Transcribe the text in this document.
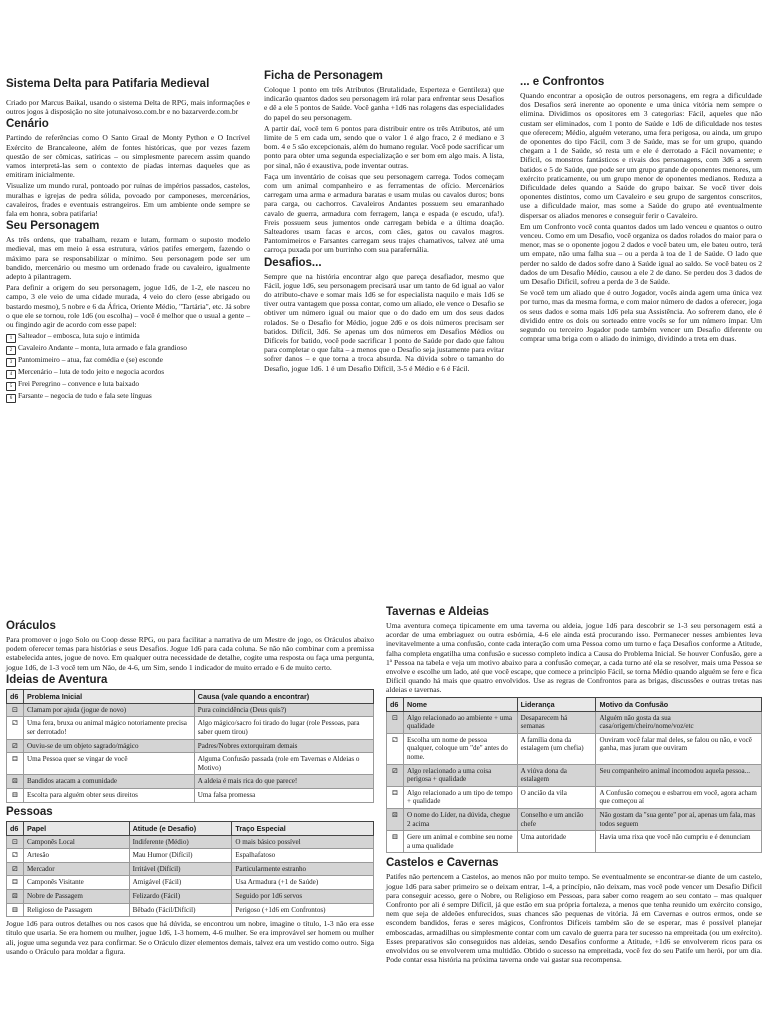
Sistema Delta para Patifaria Medieval

Criado por Marcus Baikal, usando o sistema Delta de RPG, mais informações e outros jogos à disposição no site jotunaivoso.com.br e no bazarverde.com.br

Cenário

Partindo de referências como O Santo Graal de Monty Python e O Incrível Exército de Brancaleone, além de fontes históricas, que por vezes fazem questão de ser cômicas, satíricas – ou simplesmente parecem assim quando vamos interpretá-las sem o contexto de piadas internas daqueles que as emitiram inicialmente.

Visualize um mundo rural, pontoado por ruínas de impérios passados, castelos, muralhas e igrejas de pedra sólida, povoado por camponeses, mercenários, cavaleiros, frades e eventuais estrangeiros. Em um ambiente onde sempre se fala em honra, sobra patifaria!

Seu Personagem

As três ordens, que trabalham, rezam e lutam, formam o suposto modelo medieval, mas em meio à essa estrutura, vários patifes emergem, fazendo o máximo para se responsabilizar o mínimo. Seu personagem pode ser um bandido, mercenário ou mesmo um ordenado frade ou cavaleiro, igualmente adepto à pilantragem.

Para definir a origem do seu personagem, jogue 1d6, de 1-2, ele nasceu no campo, 3 ele veio de uma cidade murada, 4 veio do clero (esse abrigado ou bastardo mesmo), 5 nobre e 6 da África, Oriente Médio, "Tartária", etc. Já sobre o que ele se tornou, role 1d6 (ou escolha) – você é melhor que o usual a gente – ou fingindo agir de acordo com esse papel:

1 Salteador – embosca, luta sujo e intimida
2 Cavaleiro Andante – monta, luta armado e fala grandioso
3 Pantomimeiro – atua, faz comédia e (se) esconde
4 Mercenário – luta de todo jeito e negocia acordos
5 Frei Peregrino – convence e luta baixado
6 Farsante – negocia de tudo e fala sete línguas
Ficha de Personagem

Coloque 1 ponto em três Atributos (Brutalidade, Esperteza e Gentileza) que indicarão quantos dados seu personagem irá rolar para enfrentar seus Desafios e dê a ele 5 pontos de Saúde. Você ganha +1d6 nas rolagens das especialidades do papel do seu personagem.

A partir daí, você tem 6 pontos para distribuir entre os três Atributos, até um limite de 5 em cada um, sendo que o valor 1 é algo fraco, 2 é mediano e 3 bom. 4 e 5 são excepcionais, além do humano regular. Você pode sacrificar um ponto para obter uma segunda especialização e ser bom em algo mais. A lista, por sinal, não é exaustiva, pode inventar outras.

Faça um inventário de coisas que seu personagem carrega. Todos começam com um animal companheiro e as ferramentas de ofício. Mercenários carregam uma arma e armadura baratas e usam mulas ou cavalos duros; bons para carga, ou cachorros. Cavaleiros Andantes possuem seu emaranhado cavalo de guerra, armadura com ferragem, lança e espada (e escudo, ufa!). Freis possuem seus jumentos onde carregam bebida e a última doação. Salteadores usam facas e arcos, com cães, gatos ou cavalos magros. Pantomimeiros e Farsantes carregam seus trajes chamativos, talvez até uma carroça puxada por um burrinho com sua parafernália.

Desafios...

Sempre que na história encontrar algo que pareça desafiador, mesmo que Fácil, jogue 1d6, seu personagem precisará usar um tanto de 6d igual ao valor do atributo-chave e somar mais 1d6 se for especialista naquilo e mais 1d6 se tiver outra vantagem que possa contar, como um aliado, ele vence o Desafio se obtiver um número igual ou maior que o do dado em um dos seus dados rolados. Se o Desafio for Médio, jogue 2d6 e os dois números precisam ser batidos. Difícil, 3d6. Se apenas um dos números em Desafios Médios ou Difíceis for batido, você pode sacrificar 1 ponto de Saúde por dado que faltou para completar o que falta – a menos que o Desafio seja justamente para evitar sofrer danos – e que torna a troca absurda. Na dúvida sobre o tamanho do Desafio, jogue 1d6. 1 é um Desafio Difícil, 3-5 é Médio e 6 é Fácil.

... e Confrontos

Quando encontrar a oposição de outros personagens, em regra a dificuldade dos Desafios será inerente ao oponente e uma única vitória nem sempre o elimina. Dividimos os opositores em 3 categorias: Fácil, aqueles que não custam ser eliminados, com 1 ponto de Saúde e 1d6 de dificuldade nos testes que oferecem; Médio, alguém veterano, uma fera perigosa, ou ainda, um grupo de oponentes do tipo Fácil, com 3 de Saúde, mas se for um grupo, quando chegam a 1 de Saúde, só resta um e ele é derrotado a Fácil novamente; e Difícil, os monstros fantásticos e rivais dos personagens, com 3d6 a serem batidos e 5 de Saúde, que pode ser um grupo grande de oponentes menores, um exército praticamente, ou um grupo menor de oponentes medianos. Reduza a Dificuldade deles quando a Saúde do grupo baixar. Se você tiver dois oponentes distintos, como um Cavaleiro e seu grupo de sargentos conscritos, use a dificuldade maior, mas some a Saúde do grupo até eventualmente dispersar os aliados menores e conseguir ferir o Cavaleiro.

Em um Confronto você conta quantos dados um lado venceu e quantos o outro venceu. Como em um Desafio, você organiza os dados rolados do maior para o menor, mas se o oponente jogou 2 dados e você bateu um, ele bateu outro, terá um empate, não uma falha sua – ou a perda à toa de 1 de Saúde. O lado que perder no saldo de dados sofre dano à Saúde igual ao saldo. Se você bateu os 2 dados de um Desafio Médio, causou a ele 2 de dano. Se perdeu dos 3 dados de um Desafio Difícil, sofreu a perda de 3 de Saúde.

Se você tem um aliado que é outro Jogador, vocês ainda agem uma única vez por turno, mas da mesma forma, e com maior número de dados a oferecer, joga os seus dados e soma mais 1d6 pela sua Assistência. Ao sofrerem dano, ele é dividido entre os dois ou sorteado entre vocês se for um número ímpar. Um segundo ou terceiro Jogador pode também vencer um Desafio diferente ou comprar uma briga com o aliado do inimigo, dividindo a treta em duas.

Oráculos

Para promover o jogo Solo ou Coop desse RPG, ou para facilitar a narrativa de um Mestre de jogo, os Oráculos abaixo podem oferecer temas para histórias e seus Desafios. Jogue 1d6 para cada coluna. Se não não combinar com a premissa estabelecida antes, jogue de novo. Em qualquer outra necessidade de detalhe, cogite uma resposta ou faça uma pergunta, jogue 1d6, de 1-3 você tem um Não, de 4-6, um Sim, sendo 1 indicador de muito errado e 6 de muito certo.

Ideias de Aventura
d6	Problema Inicial	Causa (vale quando a encontrar)
⚀	Clamam por ajuda (jogue de novo)	Pura coincidência (Deus quis?)
⚁	Uma fera, bruxa ou animal mágico notoriamente precisa ser derrotado!	Algo mágico/sacro foi tirado do lugar (role Pessoas, para saber quem tirou)
⚂	Ouviu-se de um objeto sagrado/mágico	Padres/Nobres extorquiram demais
⚃	Uma Pessoa quer se vingar de você	Alguma Confusão passada (role em Tavernas e Aldeias o Motivo)
⚄	Bandidos atacam a comunidade	A aldeia é mais rica do que parece!
⚅	Escolta para alguém obter seus direitos	Uma falsa promessa
Pessoas
d6	Papel	Atitude (e Desafio)	Traço Especial
⚀	Camponês Local	Indiferente (Médio)	O mais básico possível
⚁	Artesão	Mau Humor (Difícil)	Espalhafatoso
⚂	Mercador	Irritável (Difícil)	Particularmente estranho
⚃	Camponês Visitante	Amigável (Fácil)	Usa Armadura (+1 de Saúde)
⚄	Nobre de Passagem	Felizardo (Fácil)	Seguido por 1d6 servos
⚅	Religioso de Passagem	Bêbado (Fácil/Difícil)	Perigoso (+1d6 em Confrontos)

Jogue 1d6 para outros detalhes ou nos casos que há dúvida, se encontrou um nobre, imagine o título, 1-3 não era esse título que usaria. Se era homem ou mulher, jogue 1d6, 1-3 homem, 4-6 mulher. Se era improvável ser homem ou mulher ali, jogue uma segunda vez para confirmar. Se o Oráculo dizer elementos demais, talvez era um vestido como outro. Siga usando o Oráculo para moldar a figura.

Tavernas e Aldeias

Uma aventura começa tipicamente em uma taverna ou aldeia, jogue 1d6 para descobrir se 1-3 seu personagem está a acordar de uma embriaguez ou outra esbórnia, 4-6 ele ainda está procurando isso. Permanecer nesses ambientes leva inevitavelmente a uma confusão, conte cada interação com uma Pessoa como um turno e faça Desafios conforme a Atitude, falha completa engatilha uma confusão e sucesso completo indica a Causa do Problema Inicial. Se houver Confusão, gere a 1ª Pessoa na tabela e veja um motivo abaixo para a confusão começar, a cada turno até ela se resolver, mais uma Pessoa se envolve e escolhe um lado, até que você escape, que comece a princípio Fácil, se torna Médio quando alguém se fere e fica Difícil quando há mais que quatro envolvidos. Use as regras de Confrontos para as brigas, discussões e outras tretas nas aldeias e tavernas.

d6	Nome	Liderança	Motivo da Confusão
⚀	Algo relacionado ao ambiente + uma qualidade	Desaparecem há semanas	Alguém não gosta da sua casa/origem/cheiro/nome/voz/etc
⚁	Escolha um nome de pessoa qualquer, coloque um "de" antes do nome.	A família dona da estalagem (um chefia)	Ouviram você falar mal deles, se falou ou não, e você ganha, mas juram que ouviram
⚂	Algo relacionado a uma coisa perigosa + qualidade	A viúva dona da estalagem	Seu companheiro animal incomodou aquela pessoa...
⚃	Algo relacionado a um tipo de tempo + qualidade	O ancião da vila	A Confusão começou e esbarrou em você, agora acham que começou aí
⚄	O nome do Líder, na dúvida, chegue 2 acima	Conselho e um ancião chefe	Não gostam da "sua gente" por aí, apenas um fala, mas todos seguem
⚅	Gere um animal e combine seu nome a uma qualidade	Uma autoridade	Havia uma rixa que você não cumpriu e é denunciam
Castelos e Cavernas

Patifes não pertencem a Castelos, ao menos não por muito tempo. Se eventualmente se encontrar-se diante de um castelo, jogue 1d6 para saber primeiro se o deixam entrar, 1-4, a princípio, não deixam, mas você pode vencer um Desafio Difícil para conseguir acesso, gere o Nobre, ou Religioso em Pessoas, para saber como reagem ao seu contato – mas qualquer Confronto por ali é sempre Difícil, já que estão em sua própria fortaleza, a menos que tenha reunido um exército consigo, nem que seja de aldeões enfurecidos, suas chances são pequenas de vitória. Já em Cavernas e outros ermos, onde se escondem bandidos, feras e seres mágicos, Confrontos Difíceis também são de se esperar, mas é possível planejar emboscadas, armadilhas ou simplesmente contar com um cavalo de guerra para ter sucesso na empreitada (ou um exército). Esses preparativos são conseguidos nas aldeias, sendo Desafios conforme a Atitude, +1d6 se envolverem ricos para os envolvidos ou se envolverem uma multidão. Obtido o sucesso na empreitada, você fez do seu Patife um herói, por um dia. Pode contar essa história na próxima taverna onde vai gastar sua recompensa.
